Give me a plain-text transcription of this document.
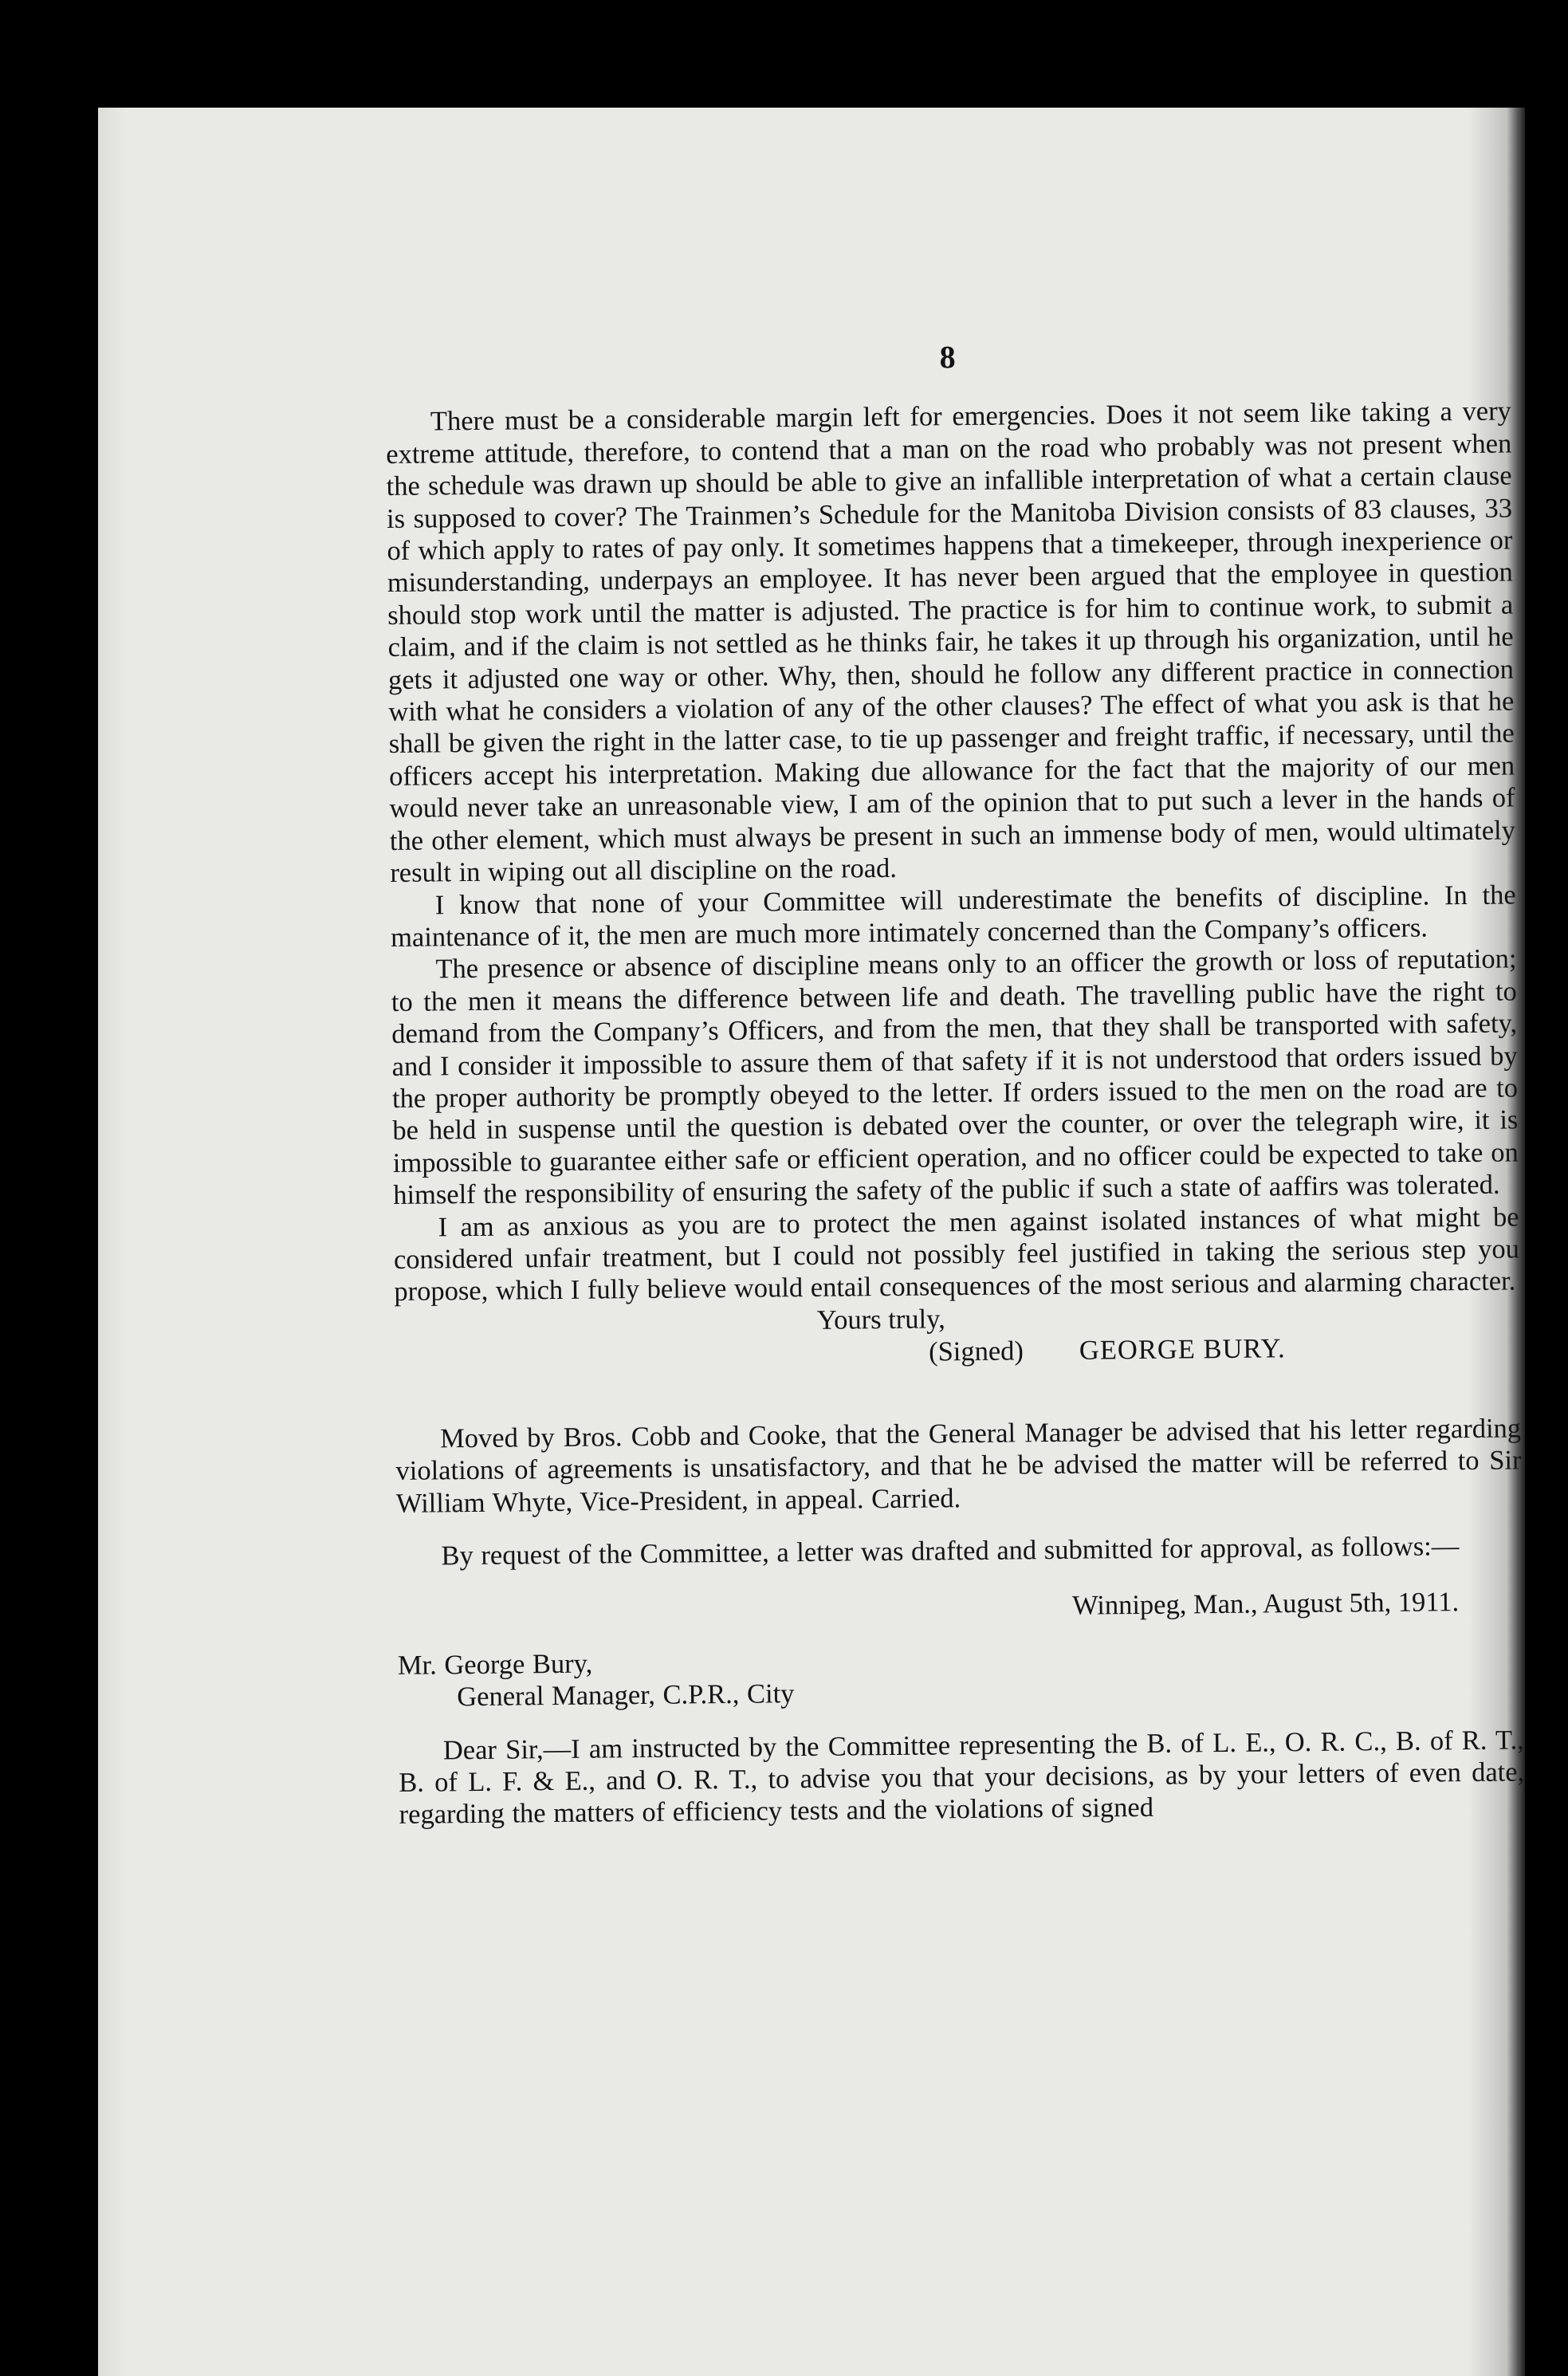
8

There must be a considerable margin left for emergencies. Does it not seem like taking a very extreme attitude, therefore, to contend that a man on the road who probably was not present when the schedule was drawn up should be able to give an infallible interpretation of what a certain clause is supposed to cover? The Trainmen’s Schedule for the Manitoba Division consists of 83 clauses, 33 of which apply to rates of pay only. It sometimes happens that a timekeeper, through inexperience or misunderstanding, underpays an employee. It has never been argued that the employee in question should stop work until the matter is adjusted. The practice is for him to continue work, to submit a claim, and if the claim is not settled as he thinks fair, he takes it up through his organization, until he gets it adjusted one way or other. Why, then, should he follow any different practice in connection with what he considers a violation of any of the other clauses? The effect of what you ask is that he shall be given the right in the latter case, to tie up passenger and freight traffic, if necessary, until the officers accept his interpretation. Making due allowance for the fact that the majority of our men would never take an unreasonable view, I am of the opinion that to put such a lever in the hands of the other element, which must always be present in such an immense body of men, would ultimately result in wiping out all discipline on the road.

I know that none of your Committee will underestimate the benefits of discipline. In the maintenance of it, the men are much more intimately concerned than the Company’s officers.

The presence or absence of discipline means only to an officer the growth or loss of reputation; to the men it means the difference between life and death. The travelling public have the right to demand from the Company’s Officers, and from the men, that they shall be transported with safety, and I consider it impossible to assure them of that safety if it is not understood that orders issued by the proper authority be promptly obeyed to the letter. If orders issued to the men on the road are to be held in suspense until the question is debated over the counter, or over the telegraph wire, it is impossible to guarantee either safe or efficient operation, and no officer could be expected to take on himself the responsibility of ensuring the safety of the public if such a state of aaffirs was tolerated.

I am as anxious as you are to protect the men against isolated instances of what might be considered unfair treatment, but I could not possibly feel justified in taking the serious step you propose, which I fully believe would entail consequences of the most serious and alarming character.

Yours truly,
(Signed) GEORGE BURY.

Moved by Bros. Cobb and Cooke, that the General Manager be advised that his letter regarding violations of agreements is unsatisfactory, and that he be advised the matter will be referred to Sir William Whyte, Vice-President, in appeal. Carried.

By request of the Committee, a letter was drafted and submitted for approval, as follows:—

Winnipeg, Man., August 5th, 1911.

Mr. George Bury,

General Manager, C.P.R., City

Dear Sir,—I am instructed by the Committee representing the B. of L. E., O. R. C., B. of R. T., B. of L. F. & E., and O. R. T., to advise you that your decisions, as by your letters of even date, regarding the matters of efficiency tests and the violations of signed
